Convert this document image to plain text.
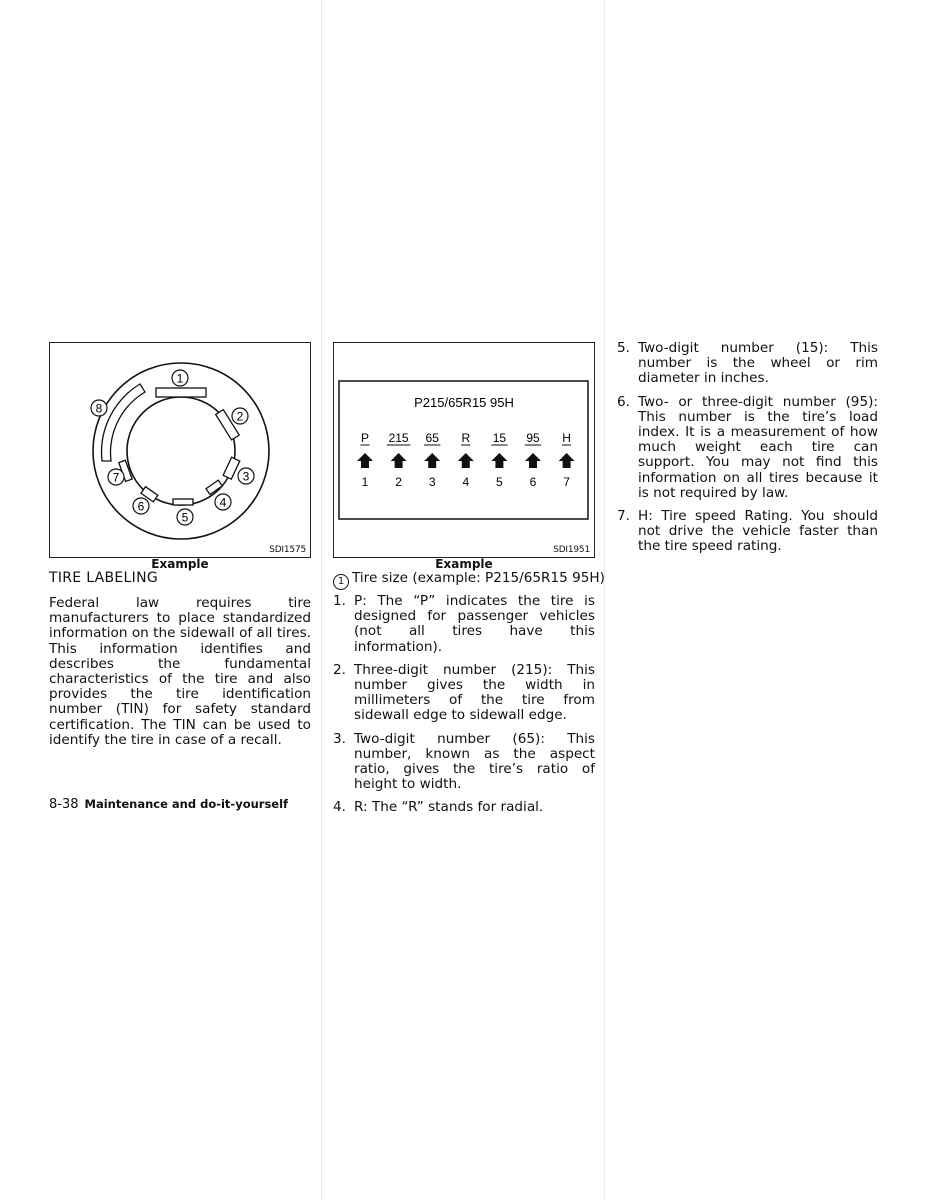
1
2
3
4
5
6
7
8
SDI1575
Example
P215/65R15 95H
P
1
215
2
65
3
R
4
15
5
95
6
H
7
SDI1951
Example
TIRE LABELING
Federal law requires tire manufacturers to place standardized information on the sidewall of all tires. This information identifies and describes the fundamental characteristics of the tire and also provides the tire identification number (TIN) for safety standard certification. The TIN can be used to identify the tire in case of a recall.
1 Tire size (example: P215/65R15 95H)
1. P: The “P” indicates the tire is designed for passenger vehicles (not all tires have this information).
2. Three-digit number (215): This number gives the width in millimeters of the tire from sidewall edge to sidewall edge.
3. Two-digit number (65): This number, known as the aspect ratio, gives the tire’s ratio of height to width.
4. R: The “R” stands for radial.
5. Two-digit number (15): This number is the wheel or rim diameter in inches.
6. Two- or three-digit number (95): This number is the tire’s load index. It is a measurement of how much weight each tire can support. You may not find this information on all tires because it is not required by law.
7. H: Tire speed Rating. You should not drive the vehicle faster than the tire speed rating.
8-38 Maintenance and do-it-yourself
